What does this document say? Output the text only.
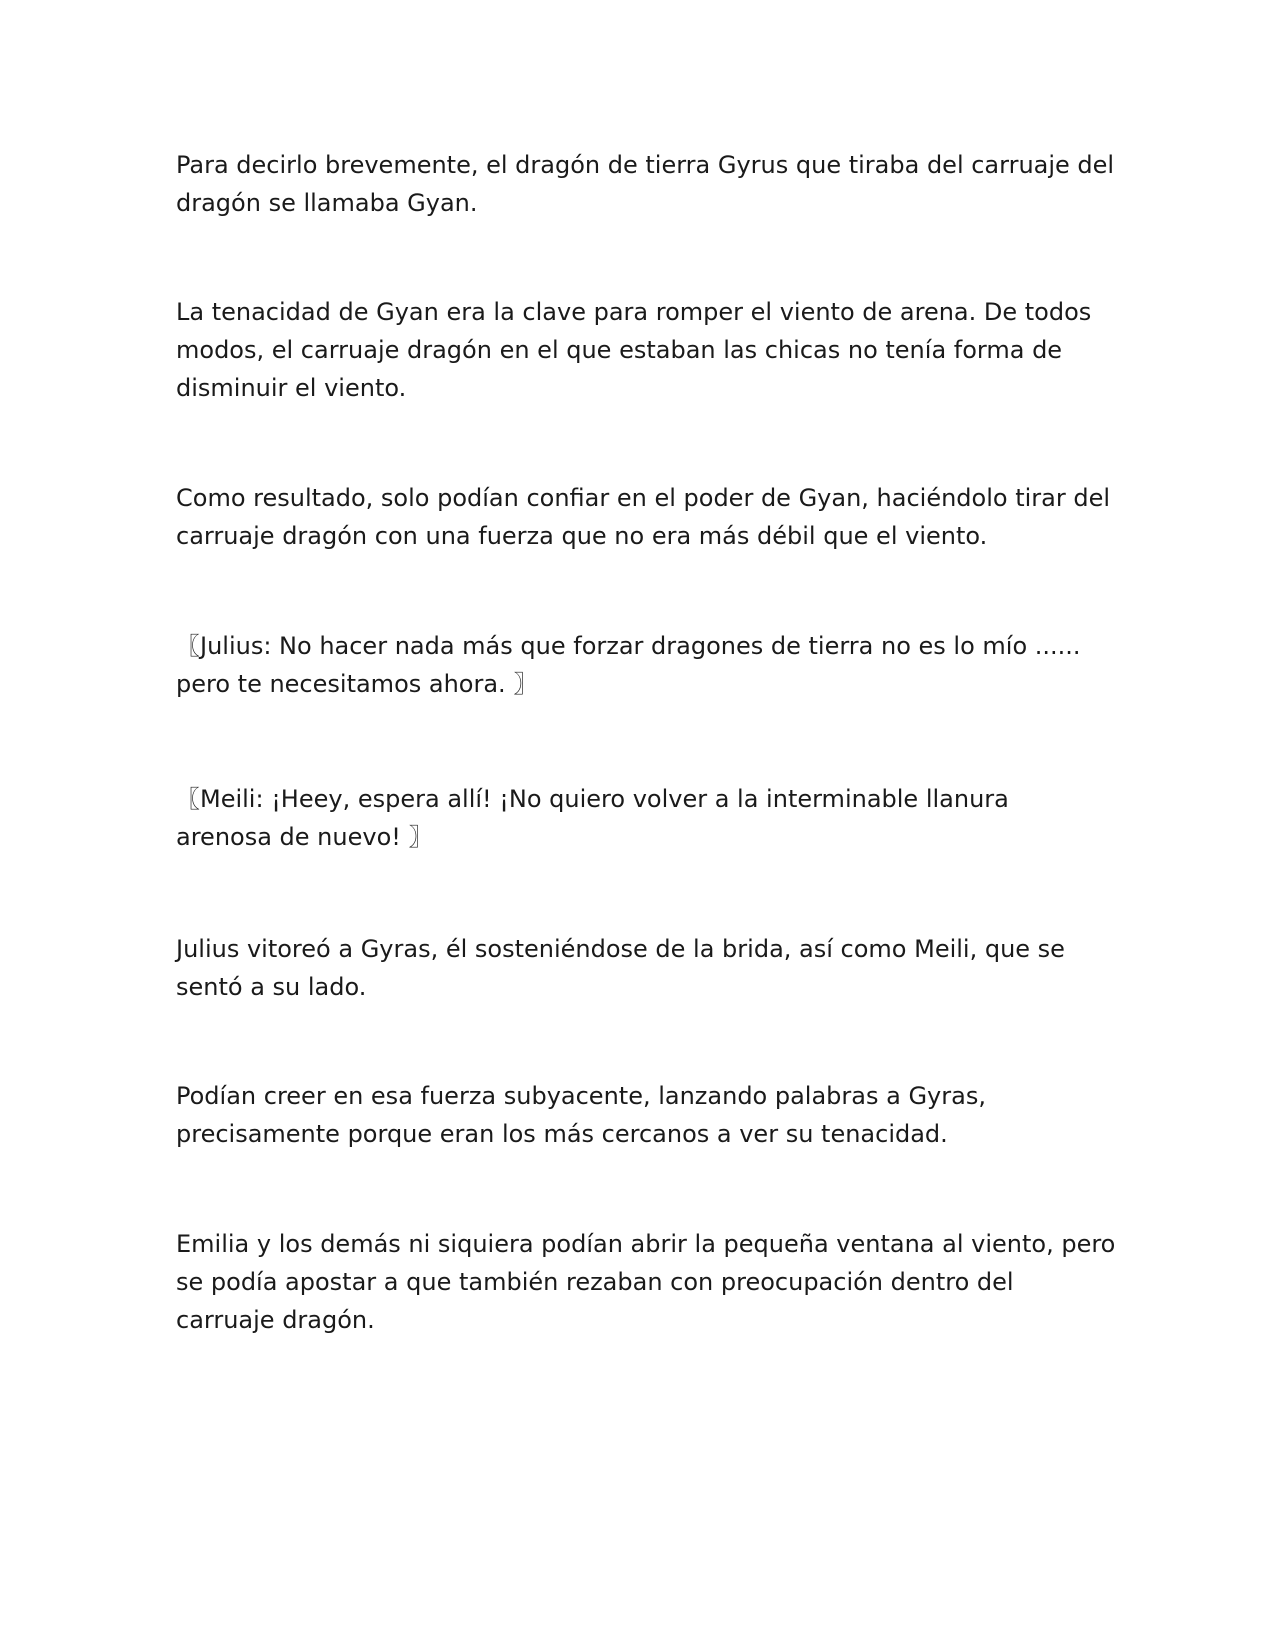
Para decirlo brevemente, el dragón de tierra Gyrus que tiraba del carruaje del
dragón se llamaba Gyan.

La tenacidad de Gyan era la clave para romper el viento de arena. De todos
modos, el carruaje dragón en el que estaban las chicas no tenía forma de
disminuir el viento.

Como resultado, solo podían confiar en el poder de Gyan, haciéndolo tirar del
carruaje dragón con una fuerza que no era más débil que el viento.

〖Julius: No hacer nada más que forzar dragones de tierra no es lo mío ......
pero te necesitamos ahora. 〗

〖Meili: ¡Heey, espera allí! ¡No quiero volver a la interminable llanura
arenosa de nuevo! 〗

Julius vitoreó a Gyras, él sosteniéndose de la brida, así como Meili, que se
sentó a su lado.

Podían creer en esa fuerza subyacente, lanzando palabras a Gyras,
precisamente porque eran los más cercanos a ver su tenacidad.

Emilia y los demás ni siquiera podían abrir la pequeña ventana al viento, pero
se podía apostar a que también rezaban con preocupación dentro del
carruaje dragón.
